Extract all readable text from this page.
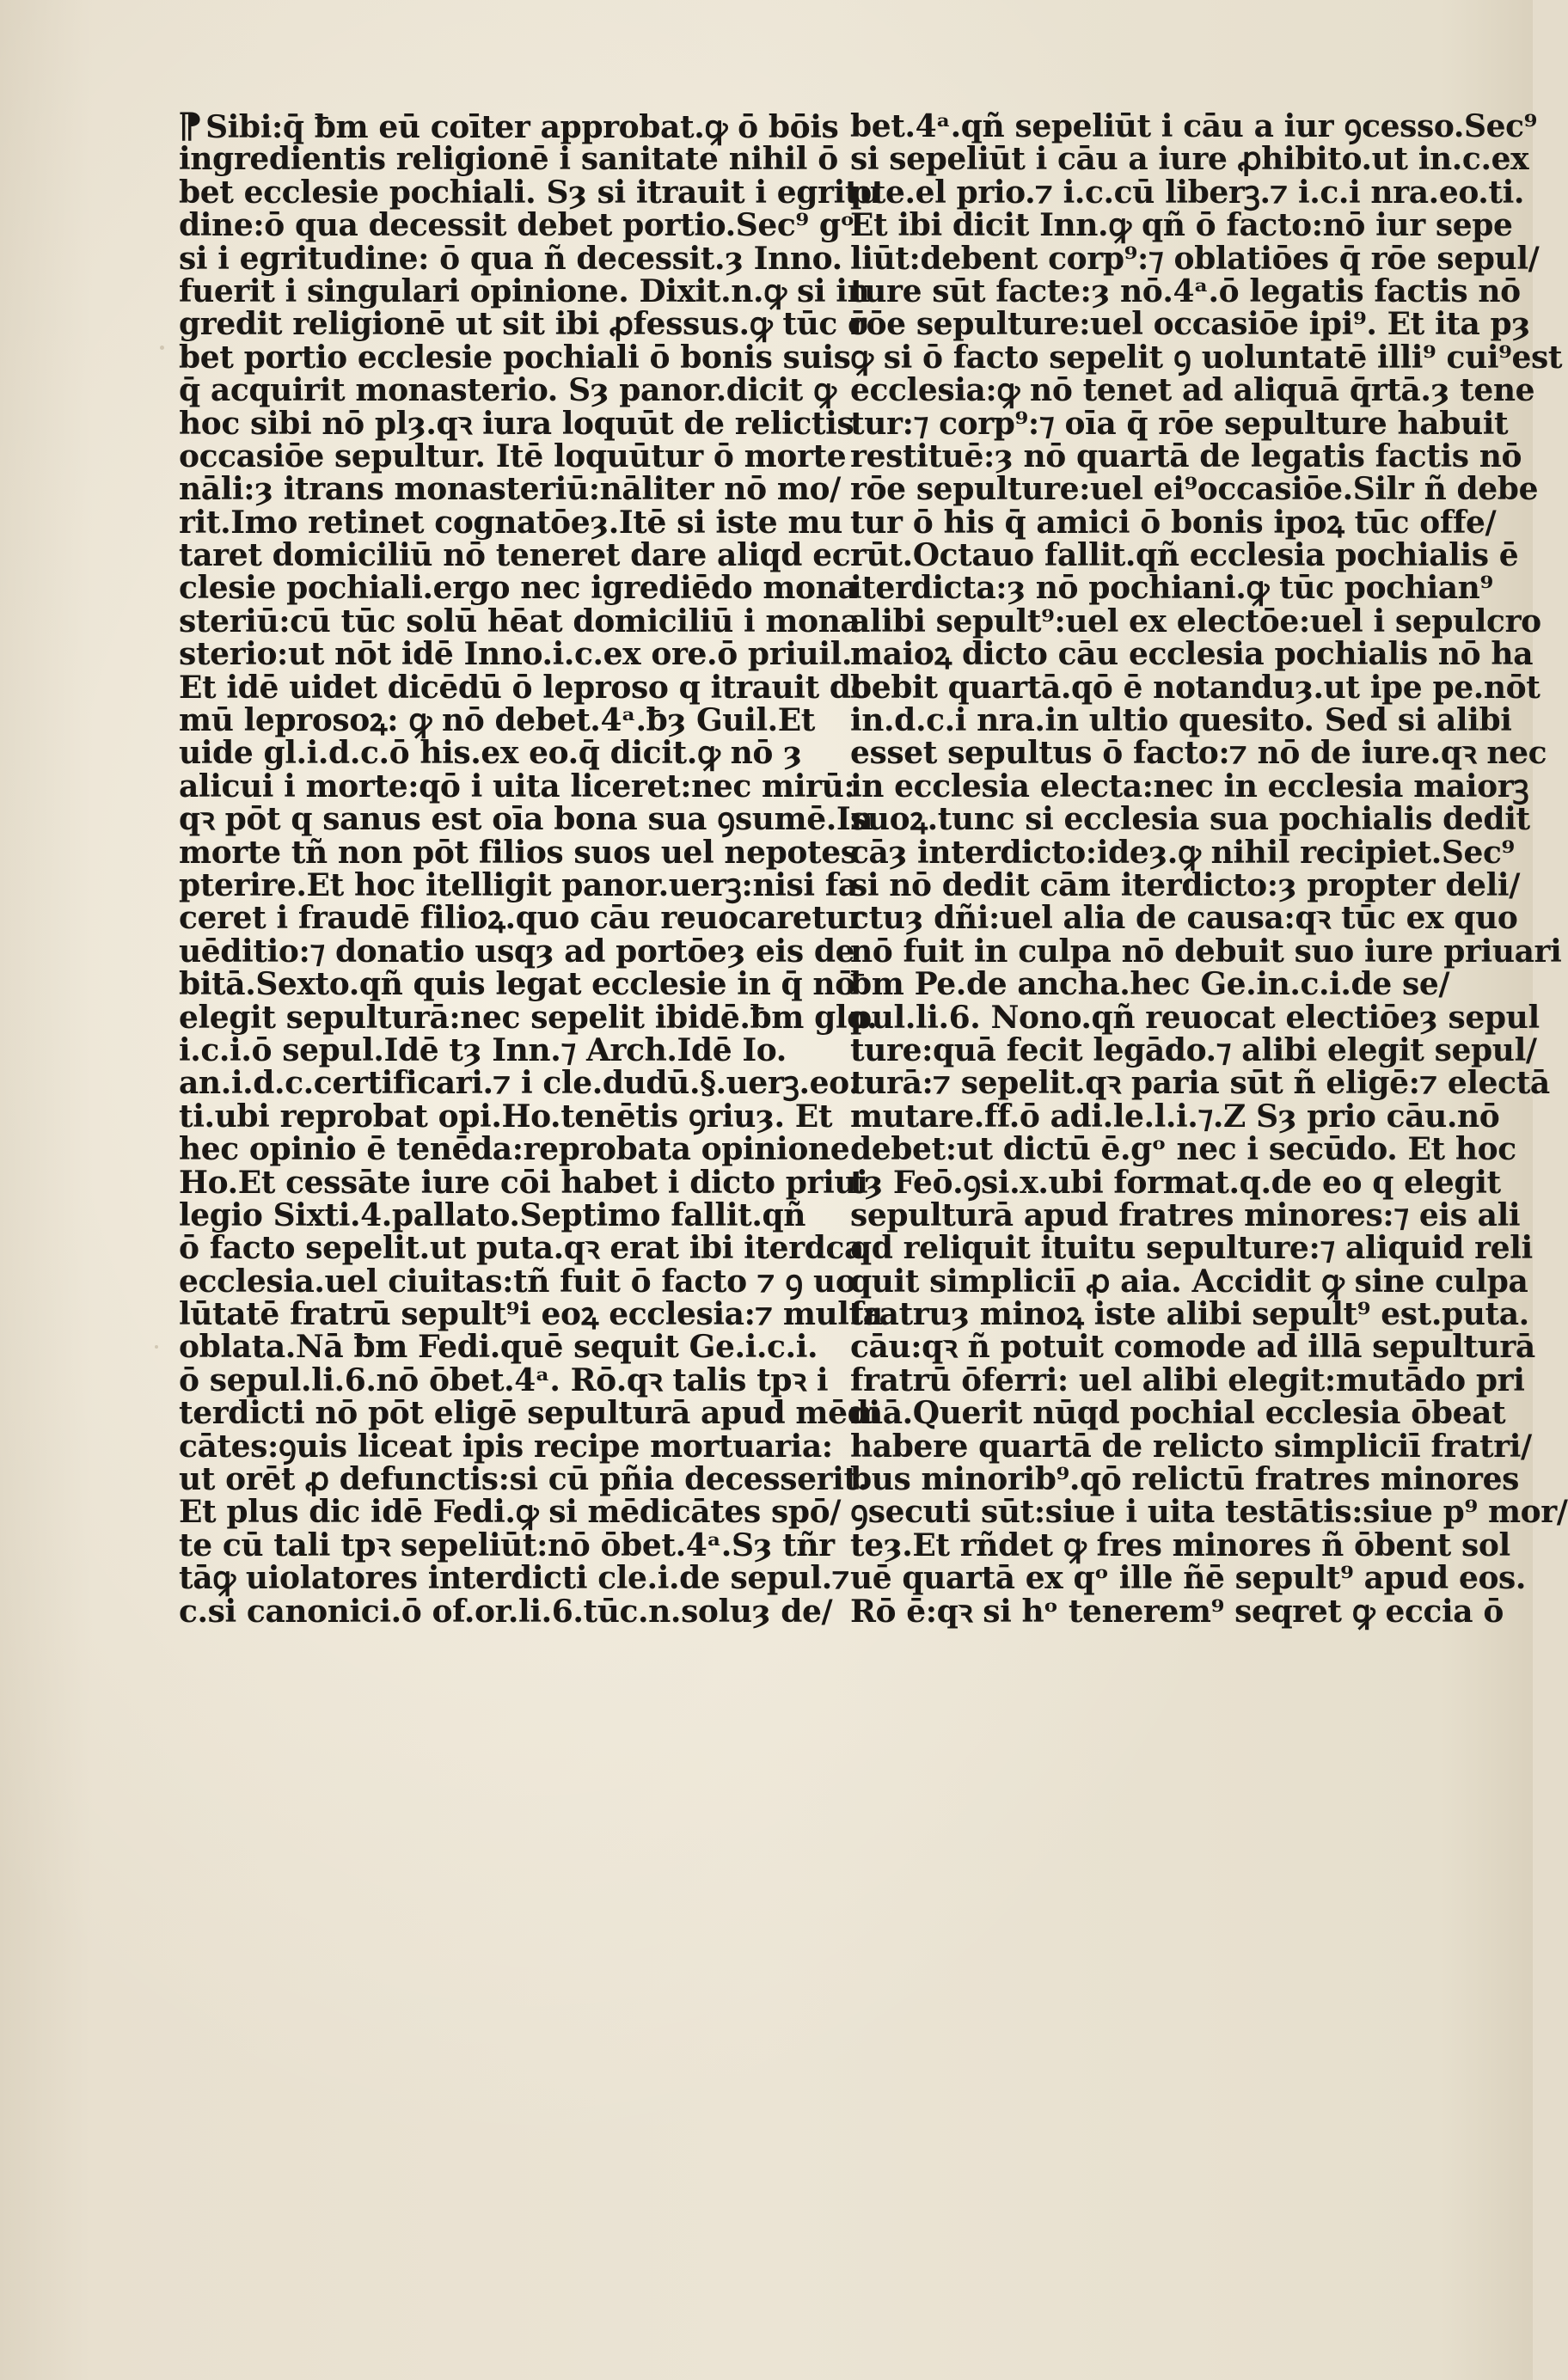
⁋ Sibi:q̄ ƀm eū coīter approbat.ꝙ ō bōis
ingredientis religionē i sanitate nihil ō
bet ecclesie pochiali. Sȝ si itrauit i egritu
dine:ō qua decessit debet portio.Sec⁹ gᵒ
si i egritudine: ō qua ñ decessit.ȝ Inno.
fuerit i singulari opinione. Dixit.n.ꝙ si in
gredit religionē ut sit ibi ꝓfessus.ꝙ tūc ō
bet portio ecclesie pochiali ō bonis suis
q̄ acquirit monasterio. Sȝ panor.dicit ꝙ
hoc sibi nō plȝ.qꝛ iura loquūt de relictis
occasiōe sepultur. Itē loquūtur ō morte
nāli:ȝ itrans monasteriū:nāliter nō mo/
rit.Imo retinet cognatōeȝ.Itē si iste mu
taret domiciliū nō teneret dare aliqd ec
clesie pochiali.ergo nec igrediēdo mona
steriū:cū tūc solū hēat domiciliū i mona
sterio:ut nōt idē Inno.i.c.ex ore.ō priuil.
Et idē uidet dicēdū ō leproso q itrauit do
mū leprosoꝝ: ꝙ nō debet.4ᵃ.ƀȝ Guil.Et
uide gl.i.d.c.ō his.ex eo.q̄ dicit.ꝙ nō ȝ
alicui i morte:qō i uita liceret:nec mirū:
qꝛ pōt q sanus est oīa bona sua ꝯsumē.In
morte tñ non pōt filios suos uel nepotes
pterire.Et hoc itelligit panor.uerꝫ:nisi fa
ceret i fraudē filioꝝ.quo cāu reuocaretur
uēditio:⁊ donatio usqȝ ad portōeȝ eis de
bitā.Sexto.qñ quis legat ecclesie in q̄ nō
elegit sepulturā:nec sepelit ibidē.ƀm glo.
i.c.i.ō sepul.Idē tȝ Inn.⁊ Arch.Idē Io.
an.i.d.c.certificari.⁊ i cle.dudū.§.uerꝫ.eo.
ti.ubi reprobat opi.Ho.tenētis ꝯriuȝ. Et
hec opinio ē tenēda:reprobata opinione
Ho.Et cessāte iure cōi habet i dicto priui
legio Sixti.4.pallato.Septimo fallit.qñ
ō facto sepelit.ut puta.qꝛ erat ibi iterdca
ecclesia.uel ciuitas:tñ fuit ō facto ⁊ ꝯ uo
lūtatē fratrū sepult⁹i eoꝝ ecclesia:⁊ multa
oblata.Nā ƀm Fedi.quē sequit Ge.i.c.i.
ō sepul.li.6.nō ōbet.4ᵃ. Rō.qꝛ talis tpꝛ i
terdicti nō pōt eligē sepulturā apud mēdi
cātes:ꝯuis liceat ipis recipe mortuaria:
ut orēt ꝓ defunctis:si cū pñia decesserit.
Et plus dic idē Fedi.ꝙ si mēdicātes spō/
te cū tali tpꝛ sepeliūt:nō ōbet.4ᵃ.Sȝ tñr
tāꝙ uiolatores interdicti cle.i.de sepul.⁊
c.si canonici.ō of.or.li.6.tūc.n.soluȝ de/
bet.4ᵃ.qñ sepeliūt i cāu a iur ꝯcesso.Sec⁹
si sepeliūt i cāu a iure ꝓhibito.ut in.c.ex
pte.el prio.⁊ i.c.cū liberꝫ.⁊ i.c.i nra.eo.ti.
Et ibi dicit Inn.ꝙ qñ ō facto:nō iur sepe
liūt:debent corp⁹:⁊ oblatiōes q̄ rōe sepul/
ture sūt facte:ȝ nō.4ᵃ.ō legatis factis nō
rōe sepulture:uel occasiōe ipi⁹. Et ita pȝ
ꝙ si ō facto sepelit ꝯ uoluntatē illi⁹ cui⁹est
ecclesia:ꝙ nō tenet ad aliquā q̄rtā.ȝ tene
tur:⁊ corp⁹:⁊ oīa q̄ rōe sepulture habuit
restituē:ȝ nō quartā de legatis factis nō
rōe sepulture:uel ei⁹occasiōe.Silr ñ debe
tur ō his q̄ amici ō bonis ipoꝝ tūc offe/
rūt.Octauo fallit.qñ ecclesia pochialis ē
iterdicta:ȝ nō pochiani.ꝙ tūc pochian⁹
alibi sepult⁹:uel ex electōe:uel i sepulcro
maioꝝ dicto cāu ecclesia pochialis nō ha
bebit quartā.qō ē notanduȝ.ut ipe pe.nōt
in.d.c.i nra.in ultio quesito. Sed si alibi
esset sepultus ō facto:⁊ nō de iure.qꝛ nec
in ecclesia electa:nec in ecclesia maiorꝫ
suoꝝ.tunc si ecclesia sua pochialis dedit
cāȝ interdicto:ideȝ.ꝙ nihil recipiet.Sec⁹
si nō dedit cām iterdicto:ȝ propter deli/
ctuȝ dñi:uel alia de causa:qꝛ tūc ex quo
nō fuit in culpa nō debuit suo iure priuari
ƀm Pe.de ancha.hec Ge.in.c.i.de se/
pul.li.6. Nono.qñ reuocat electiōeȝ sepul
ture:quā fecit legādo.⁊ alibi elegit sepul/
turā:⁊ sepelit.qꝛ paria sūt ñ eligē:⁊ electā
mutare.ff.ō adi.le.l.i.⁊.Z Sȝ prio cāu.nō
debet:ut dictū ē.gᵒ nec i secūdo. Et hoc
tȝ Feō.ꝯsi.x.ubi format.q.de eo q elegit
sepulturā apud fratres minores:⁊ eis ali
qd reliquit ituitu sepulture:⁊ aliquid reli
quit simpliciī ꝓ aia. Accidit ꝙ sine culpa
fratruȝ minoꝝ iste alibi sepult⁹ est.puta.
cāu:qꝛ ñ potuit comode ad illā sepulturā
fratrū ōferri: uel alibi elegit:mutādo pri
mā.Querit nūqd pochial ecclesia ōbeat
habere quartā de relicto simpliciī fratri/
bus minorib⁹.qō relictū fratres minores
ꝯsecuti sūt:siue i uita testātis:siue p⁹ mor/
teȝ.Et rñdet ꝙ fres minores ñ ōbent sol
uē quartā ex qᵒ ille ñē sepult⁹ apud eos.
Rō ē:qꝛ si hᵒ tenerem⁹ seqret ꝙ eccia ō
